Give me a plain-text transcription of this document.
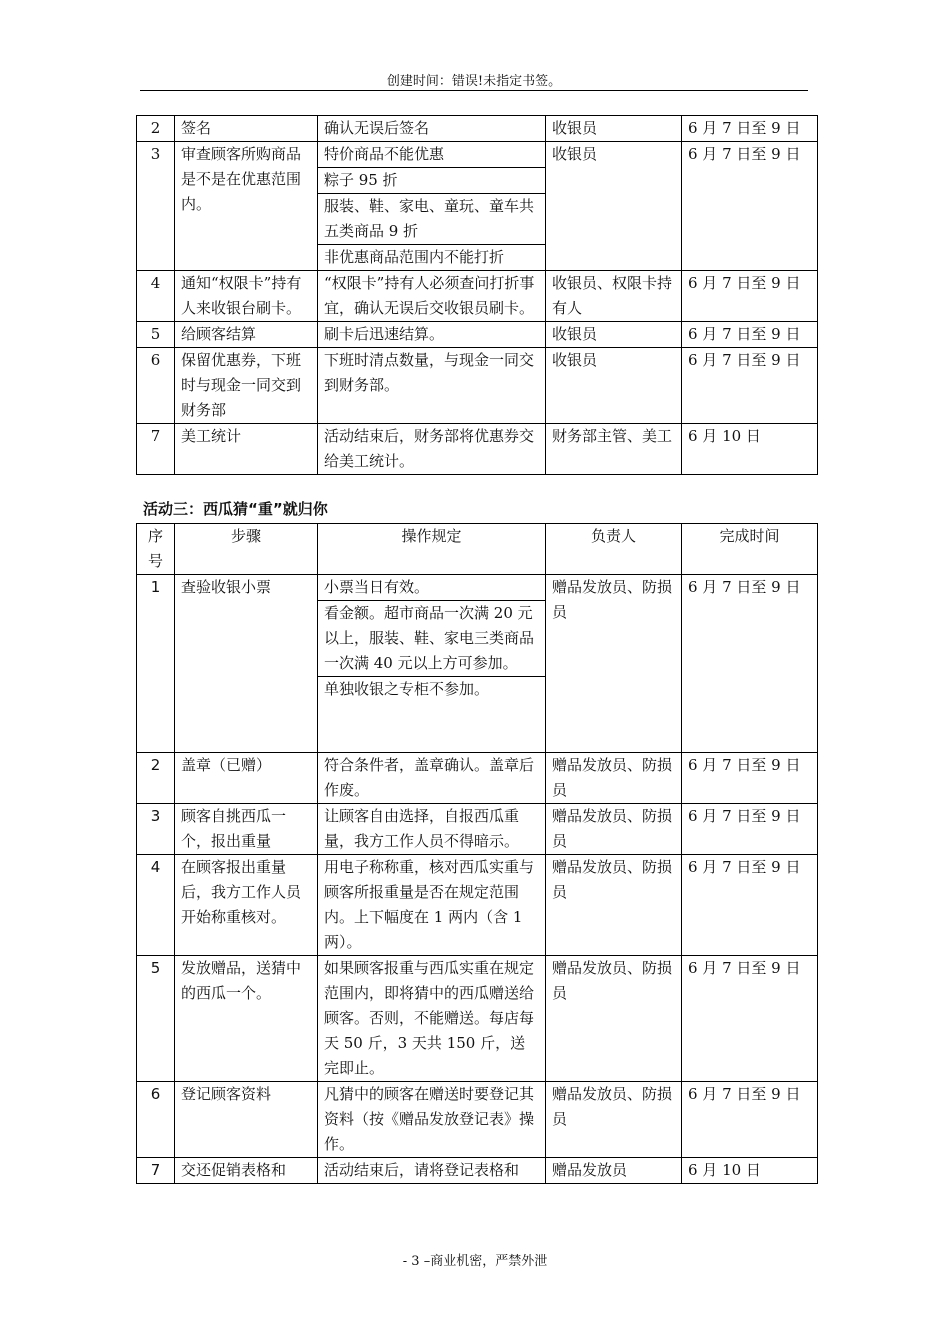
创建时间：错误!未指定书签。
2	签名	确认无误后签名	收银员	6 月 7 日至 9 日
3	审查顾客所购商品是不是在优惠范围内。	特价商品不能优惠
粽子 95 折
服装、鞋、家电、童玩、童车共五类商品 9 折
非优惠商品范围内不能打折	收银员	6 月 7 日至 9 日
4	通知“权限卡”持有人来收银台刷卡。	“权限卡”持有人必须查问打折事宜，确认无误后交收银员刷卡。	收银员、权限卡持有人	6 月 7 日至 9 日
5	给顾客结算	刷卡后迅速结算。	收银员	6 月 7 日至 9 日
6	保留优惠券，下班时与现金一同交到财务部	下班时清点数量，与现金一同交到财务部。	收银员	6 月 7 日至 9 日
7	美工统计	活动结束后，财务部将优惠券交给美工统计。	财务部主管、美工	6 月 10 日
活动三：西瓜猜“重”就归你
序号	步骤	操作规定	负责人	完成时间
1	查验收银小票	小票当日有效。
看金额。超市商品一次满 20 元以上，服装、鞋、家电三类商品一次满 40 元以上方可参加。
单独收银之专柜不参加。	赠品发放员、防损员	6 月 7 日至 9 日
2	盖章（已赠）	符合条件者，盖章确认。盖章后作废。	赠品发放员、防损员	6 月 7 日至 9 日
3	顾客自挑西瓜一个，报出重量	让顾客自由选择，自报西瓜重量，我方工作人员不得暗示。	赠品发放员、防损员	6 月 7 日至 9 日
4	在顾客报出重量后，我方工作人员开始称重核对。	用电子称称重，核对西瓜实重与顾客所报重量是否在规定范围内。上下幅度在 1 两内（含 1 两）。	赠品发放员、防损员	6 月 7 日至 9 日
5	发放赠品，送猜中的西瓜一个。	如果顾客报重与西瓜实重在规定范围内，即将猜中的西瓜赠送给顾客。否则，不能赠送。每店每天 50 斤，3 天共 150 斤，送完即止。	赠品发放员、防损员	6 月 7 日至 9 日
6	登记顾客资料	凡猜中的顾客在赠送时要登记其资料（按《赠品发放登记表》操作。	赠品发放员、防损员	6 月 7 日至 9 日
7	交还促销表格和	活动结束后，请将登记表格和	赠品发放员	6 月 10 日
- 3 –商业机密，严禁外泄
